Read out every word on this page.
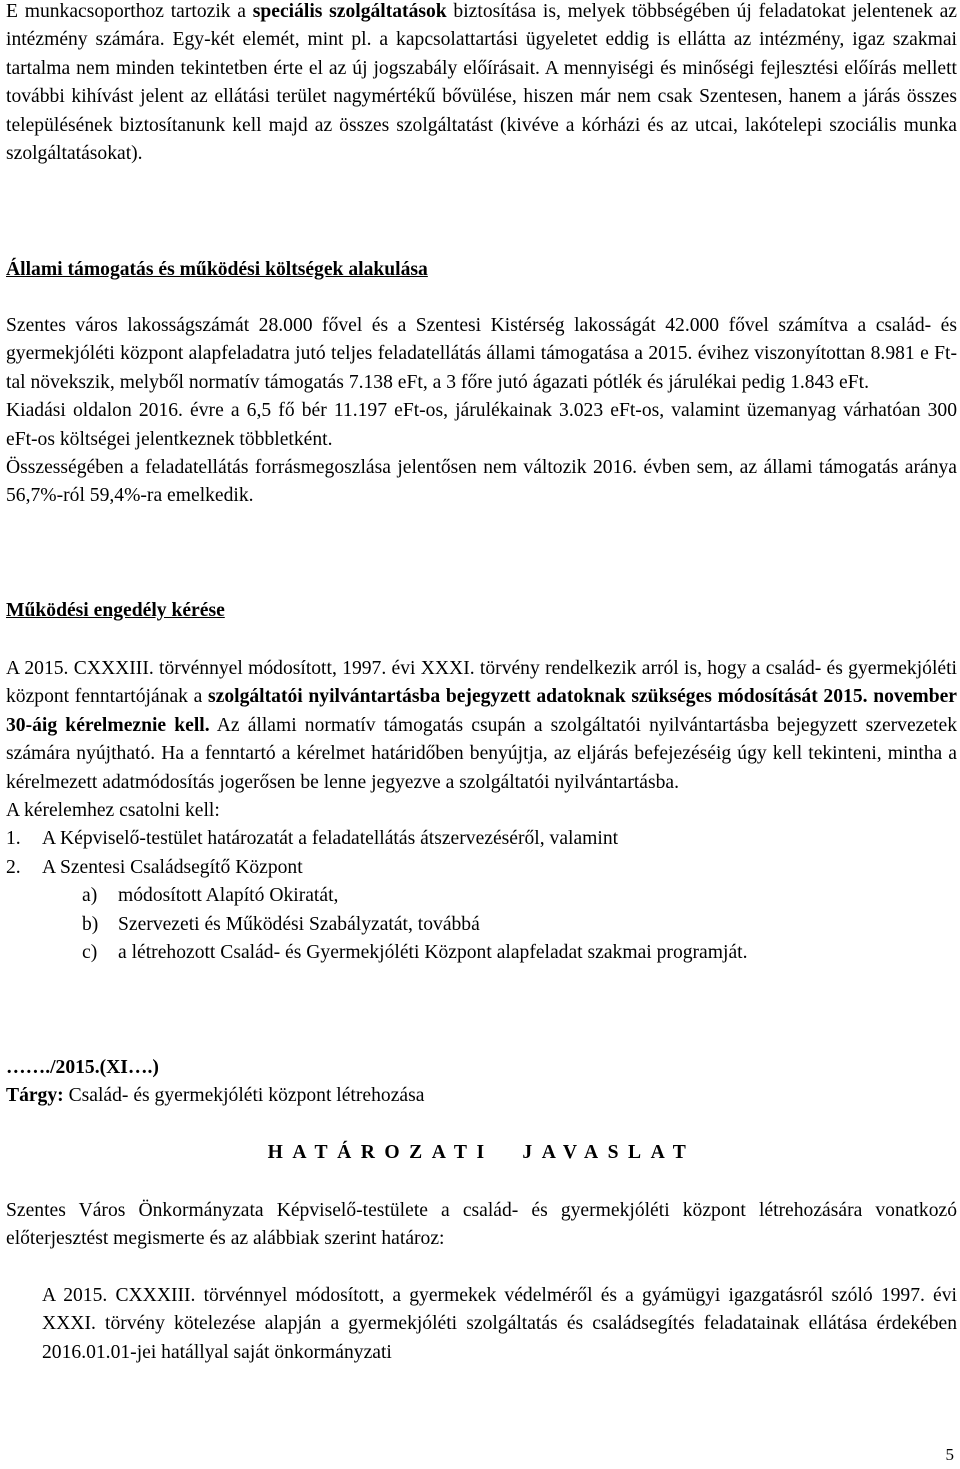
E munkacsoporthoz tartozik a speciális szolgáltatások biztosítása is, melyek többségében új feladatokat jelentenek az intézmény számára. Egy-két elemét, mint pl. a kapcsolattartási ügyeletet eddig is ellátta az intézmény, igaz szakmai tartalma nem minden tekintetben érte el az új jogszabály előírásait. A mennyiségi és minőségi fejlesztési előírás mellett további kihívást jelent az ellátási terület nagymértékű bővülése, hiszen már nem csak Szentesen, hanem a járás összes településének biztosítanunk kell majd az összes szolgáltatást (kivéve a kórházi és az utcai, lakótelepi szociális munka szolgáltatásokat).

Állami támogatás és működési költségek alakulása

Szentes város lakosságszámát 28.000 fővel és a Szentesi Kistérség lakosságát 42.000 fővel számítva a család- és gyermekjóléti központ alapfeladatra jutó teljes feladatellátás állami támogatása a 2015. évihez viszonyítottan 8.981 e Ft-tal növekszik, melyből normatív támogatás 7.138 eFt, a 3 főre jutó ágazati pótlék és járulékai pedig 1.843 eFt.

Kiadási oldalon 2016. évre a 6,5 fő bér 11.197 eFt-os, járulékainak 3.023 eFt-os, valamint üzemanyag várhatóan 300 eFt-os költségei jelentkeznek többletként.

Összességében a feladatellátás forrásmegoszlása jelentősen nem változik 2016. évben sem, az állami támogatás aránya 56,7%-ról 59,4%-ra emelkedik.

Működési engedély kérése

A 2015. CXXXIII. törvénnyel módosított, 1997. évi XXXI. törvény rendelkezik arról is, hogy a család- és gyermekjóléti központ fenntartójának a szolgáltatói nyilvántartásba bejegyzett adatoknak szükséges módosítását 2015. november 30-áig kérelmeznie kell. Az állami normatív támogatás csupán a szolgáltatói nyilvántartásba bejegyzett szervezetek számára nyújtható. Ha a fenntartó a kérelmet határidőben benyújtja, az eljárás befejezéséig úgy kell tekinteni, mintha a kérelmezett adatmódosítás jogerősen be lenne jegyezve a szolgáltatói nyilvántartásba.

A kérelemhez csatolni kell:

1. A Képviselő-testület határozatát a feladatellátás átszervezéséről, valamint

2. A Szentesi Családsegítő Központ

a) módosított Alapító Okiratát,

b) Szervezeti és Működési Szabályzatát, továbbá

c) a létrehozott Család- és Gyermekjóléti Központ alapfeladat szakmai programját.

……./2015.(XI….)

Tárgy: Család- és gyermekjóléti központ létrehozása

HATÁROZATI  JAVASLAT

Szentes Város Önkormányzata Képviselő-testülete a család- és gyermekjóléti központ létrehozására vonatkozó előterjesztést megismerte és az alábbiak szerint határoz:

A 2015. CXXXIII. törvénnyel módosított, a gyermekek védelméről és a gyámügyi igazgatásról szóló 1997. évi XXXI. törvény kötelezése alapján a gyermekjóléti szolgáltatás és családsegítés feladatainak ellátása érdekében 2016.01.01-jei hatállyal saját önkormányzati
5
